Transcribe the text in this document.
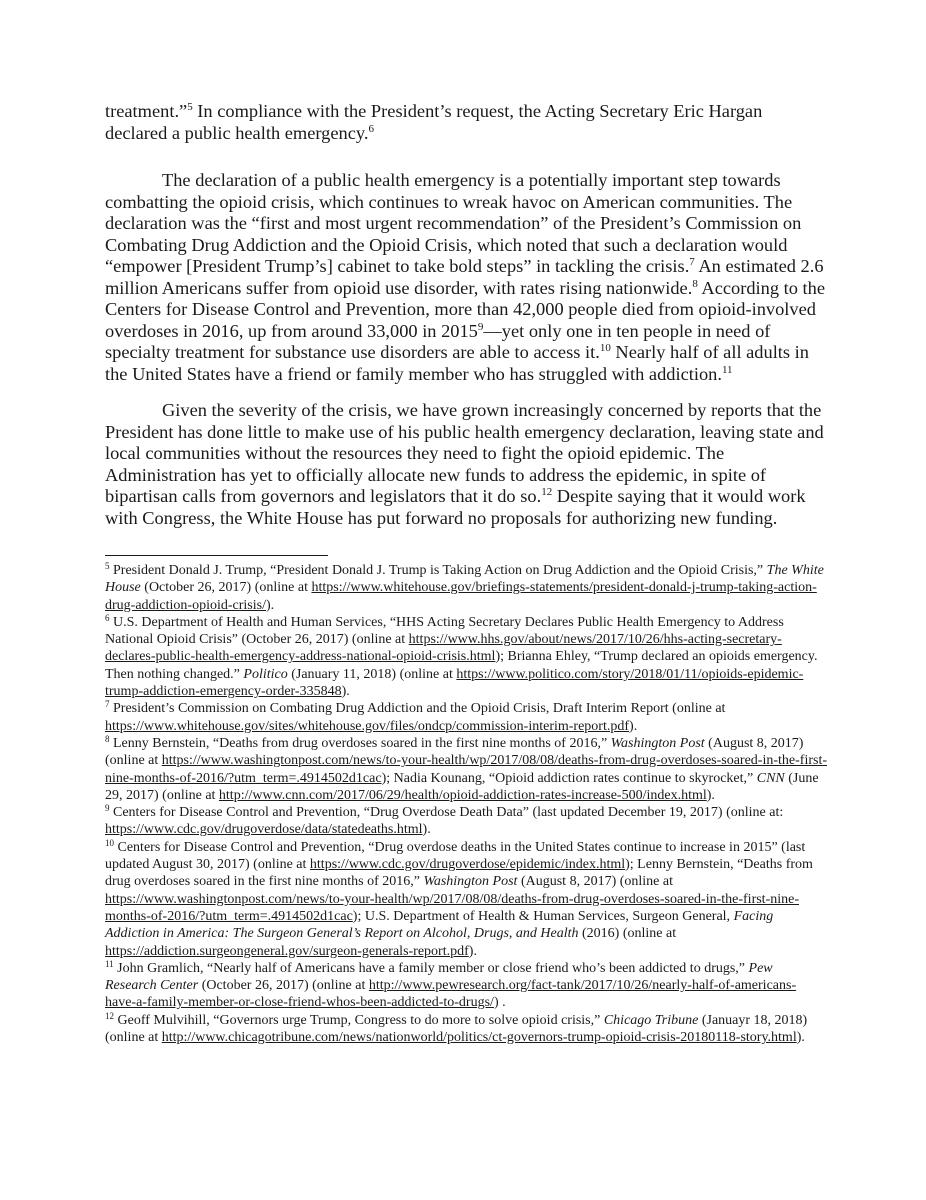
treatment.”$^5$ In compliance with the President’s request, the Acting Secretary Eric Hargan declared a public health emergency.$^6$

The declaration of a public health emergency is a potentially important step towards combatting the opioid crisis, which continues to wreak havoc on American communities. The declaration was the “first and most urgent recommendation” of the President’s Commission on Combating Drug Addiction and the Opioid Crisis, which noted that such a declaration would “empower [President Trump’s] cabinet to take bold steps” in tackling the crisis.$^7$ An estimated 2.6 million Americans suffer from opioid use disorder, with rates rising nationwide.$^8$ According to the Centers for Disease Control and Prevention, more than 42,000 people died from opioid-involved overdoses in 2016, up from around 33,000 in 2015$^9$—yet only one in ten people in need of specialty treatment for substance use disorders are able to access it.$^{10}$ Nearly half of all adults in the United States have a friend or family member who has struggled with addiction.$^{11}$

Given the severity of the crisis, we have grown increasingly concerned by reports that the President has done little to make use of his public health emergency declaration, leaving state and local communities without the resources they need to fight the opioid epidemic. The Administration has yet to officially allocate new funds to address the epidemic, in spite of bipartisan calls from governors and legislators that it do so.$^{12}$ Despite saying that it would work with Congress, the White House has put forward no proposals for authorizing new funding.

$^5$ President Donald J. Trump, “President Donald J. Trump is Taking Action on Drug Addiction and the Opioid Crisis,” The White House (October 26, 2017) (online at https://www.whitehouse.gov/briefings-statements/president-donald-j-trump-taking-action-drug-addiction-opioid-crisis/).

$^6$ U.S. Department of Health and Human Services, “HHS Acting Secretary Declares Public Health Emergency to Address National Opioid Crisis” (October 26, 2017) (online at https://www.hhs.gov/about/news/2017/10/26/hhs-acting-secretary-declares-public-health-emergency-address-national-opioid-crisis.html); Brianna Ehley, “Trump declared an opioids emergency. Then nothing changed.” Politico (January 11, 2018) (online at https://www.politico.com/story/2018/01/11/opioids-epidemic-trump-addiction-emergency-order-335848).

$^7$ President’s Commission on Combating Drug Addiction and the Opioid Crisis, Draft Interim Report (online at https://www.whitehouse.gov/sites/whitehouse.gov/files/ondcp/commission-interim-report.pdf).

$^8$ Lenny Bernstein, “Deaths from drug overdoses soared in the first nine months of 2016,” Washington Post (August 8, 2017) (online at https://www.washingtonpost.com/news/to-your-health/wp/2017/08/08/deaths-from-drug-overdoses-soared-in-the-first-nine-months-of-2016/?utm_term=.4914502d1cac); Nadia Kounang, “Opioid addiction rates continue to skyrocket,” CNN (June 29, 2017) (online at http://www.cnn.com/2017/06/29/health/opioid-addiction-rates-increase-500/index.html).

$^9$ Centers for Disease Control and Prevention, “Drug Overdose Death Data” (last updated December 19, 2017) (online at: https://www.cdc.gov/drugoverdose/data/statedeaths.html).

$^{10}$ Centers for Disease Control and Prevention, “Drug overdose deaths in the United States continue to increase in 2015” (last updated August 30, 2017) (online at https://www.cdc.gov/drugoverdose/epidemic/index.html); Lenny Bernstein, “Deaths from drug overdoses soared in the first nine months of 2016,” Washington Post (August 8, 2017) (online at https://www.washingtonpost.com/news/to-your-health/wp/2017/08/08/deaths-from-drug-overdoses-soared-in-the-first-nine-months-of-2016/?utm_term=.4914502d1cac); U.S. Department of Health & Human Services, Surgeon General, Facing Addiction in America: The Surgeon General’s Report on Alcohol, Drugs, and Health (2016) (online at https://addiction.surgeongeneral.gov/surgeon-generals-report.pdf).

$^{11}$ John Gramlich, “Nearly half of Americans have a family member or close friend who’s been addicted to drugs,” Pew Research Center (October 26, 2017) (online at http://www.pewresearch.org/fact-tank/2017/10/26/nearly-half-of-americans-have-a-family-member-or-close-friend-whos-been-addicted-to-drugs/) .

$^{12}$ Geoff Mulvihill, “Governors urge Trump, Congress to do more to solve opioid crisis,” Chicago Tribune (Januayr 18, 2018) (online at http://www.chicagotribune.com/news/nationworld/politics/ct-governors-trump-opioid-crisis-20180118-story.html).
